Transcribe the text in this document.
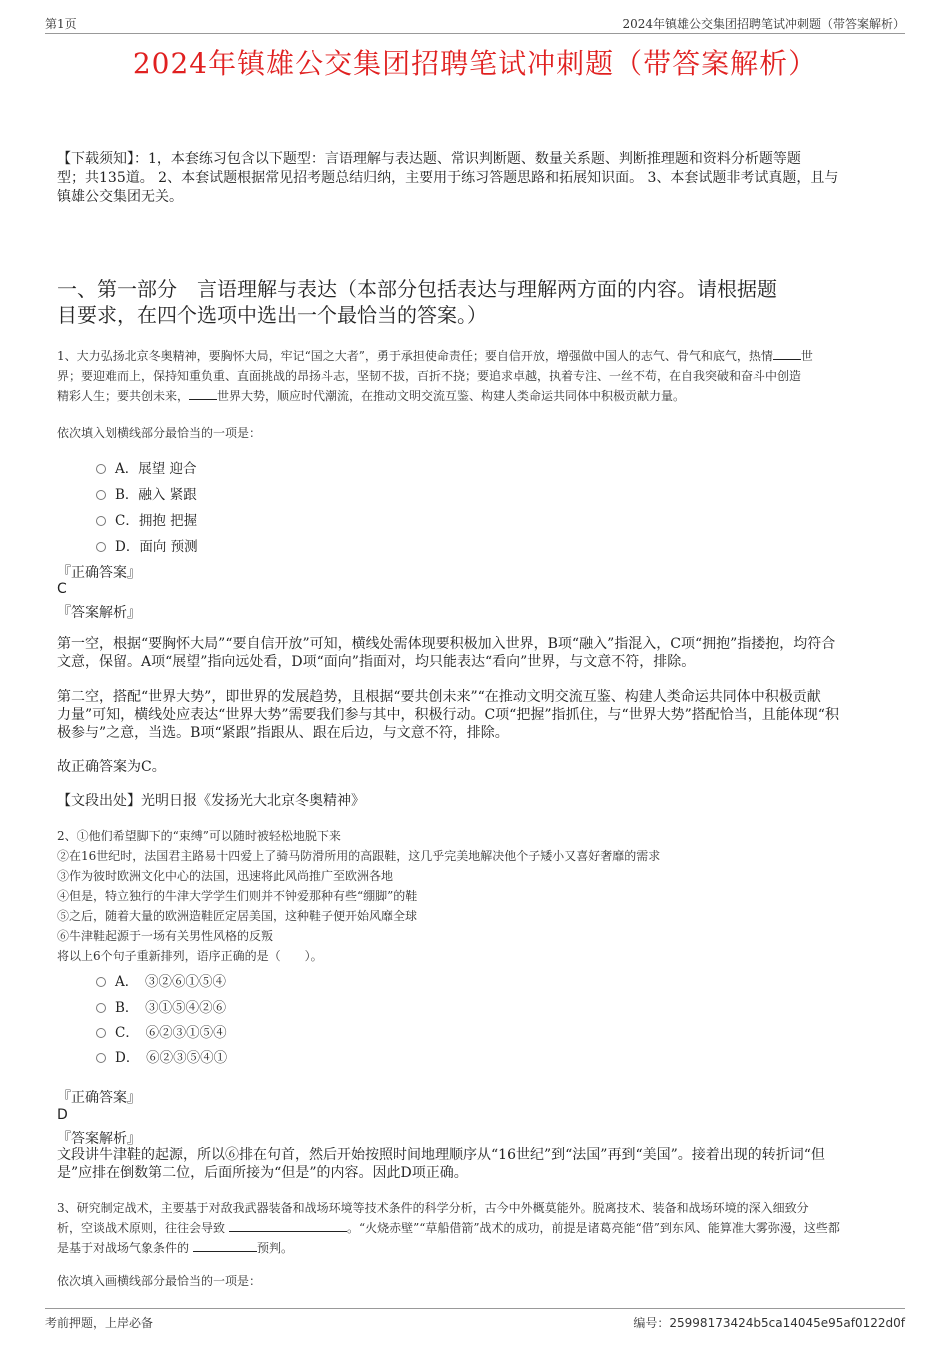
第1页	2024年镇雄公交集团招聘笔试冲刺题（带答案解析）
2024年镇雄公交集团招聘笔试冲刺题（带答案解析）
【下载须知】：1，本套练习包含以下题型：言语理解与表达题、常识判断题、数量关系题、判断推理题和资料分析题等题
型；共135道。 2、本套试题根据常见招考题总结归纳，主要用于练习答题思路和拓展知识面。 3、本套试题非考试真题，且与
镇雄公交集团无关。
一、第一部分　言语理解与表达（本部分包括表达与理解两方面的内容。请根据题
目要求，在四个选项中选出一个最恰当的答案。）
1、大力弘扬北京冬奥精神，要胸怀大局，牢记“国之大者”，勇于承担使命责任；要自信开放，增强做中国人的志气、骨气和底气，热情 世
界；要迎难而上，保持知重负重、直面挑战的昂扬斗志，坚韧不拔，百折不挠；要追求卓越，执着专注、一丝不苟，在自我突破和奋斗中创造
精彩人生；要共创未来， 世界大势，顺应时代潮流，在推动文明交流互鉴、构建人类命运共同体中积极贡献力量。
依次填入划横线部分最恰当的一项是：
A．展望 迎合
B．融入 紧跟
C．拥抱 把握
D．面向 预测
『正确答案』
C
『答案解析』
第一空，根据“要胸怀大局”“要自信开放”可知，横线处需体现要积极加入世界，B项“融入”指混入，C项“拥抱”指搂抱，均符合
文意，保留。A项“展望”指向远处看，D项“面向”指面对，均只能表达“看向”世界，与文意不符，排除。
第二空，搭配“世界大势”，即世界的发展趋势，且根据“要共创未来”“在推动文明交流互鉴、构建人类命运共同体中积极贡献
力量”可知，横线处应表达“世界大势”需要我们参与其中，积极行动。C项“把握”指抓住，与“世界大势”搭配恰当，且能体现“积
极参与”之意，当选。B项“紧跟”指跟从、跟在后边，与文意不符，排除。
故正确答案为C。
【文段出处】光明日报《发扬光大北京冬奥精神》
2、①他们希望脚下的“束缚”可以随时被轻松地脱下来
②在16世纪时，法国君主路易十四爱上了骑马防滑所用的高跟鞋，这几乎完美地解决他个子矮小又喜好奢靡的需求
③作为彼时欧洲文化中心的法国，迅速将此风尚推广至欧洲各地
④但是，特立独行的牛津大学学生们则并不钟爱那种有些“绷脚”的鞋
⑤之后，随着大量的欧洲造鞋匠定居美国，这种鞋子便开始风靡全球
⑥牛津鞋起源于一场有关男性风格的反叛
将以上6个句子重新排列，语序正确的是（　　）。
A．　③②⑥①⑤④
B．　③①⑤④②⑥
C．　⑥②③①⑤④
D．　⑥②③⑤④①
『正确答案』
D
『答案解析』
文段讲牛津鞋的起源，所以⑥排在句首，然后开始按照时间地理顺序从“16世纪”到“法国”再到“美国”。接着出现的转折词“但
是”应排在倒数第二位，后面所接为“但是”的内容。因此D项正确。
3、研究制定战术，主要基于对敌我武器装备和战场环境等技术条件的科学分析，古今中外概莫能外。脱离技术、装备和战场环境的深入细致分
析，空谈战术原则，往往会导致	。“火烧赤壁”“草船借箭”战术的成功，前提是诸葛亮能“借”到东风、能算准大雾弥漫，这些都
是基于对战场气象条件的	预判。
依次填入画横线部分最恰当的一项是：
考前押题，上岸必备	编号：25998173424b5ca14045e95af0122d0f
